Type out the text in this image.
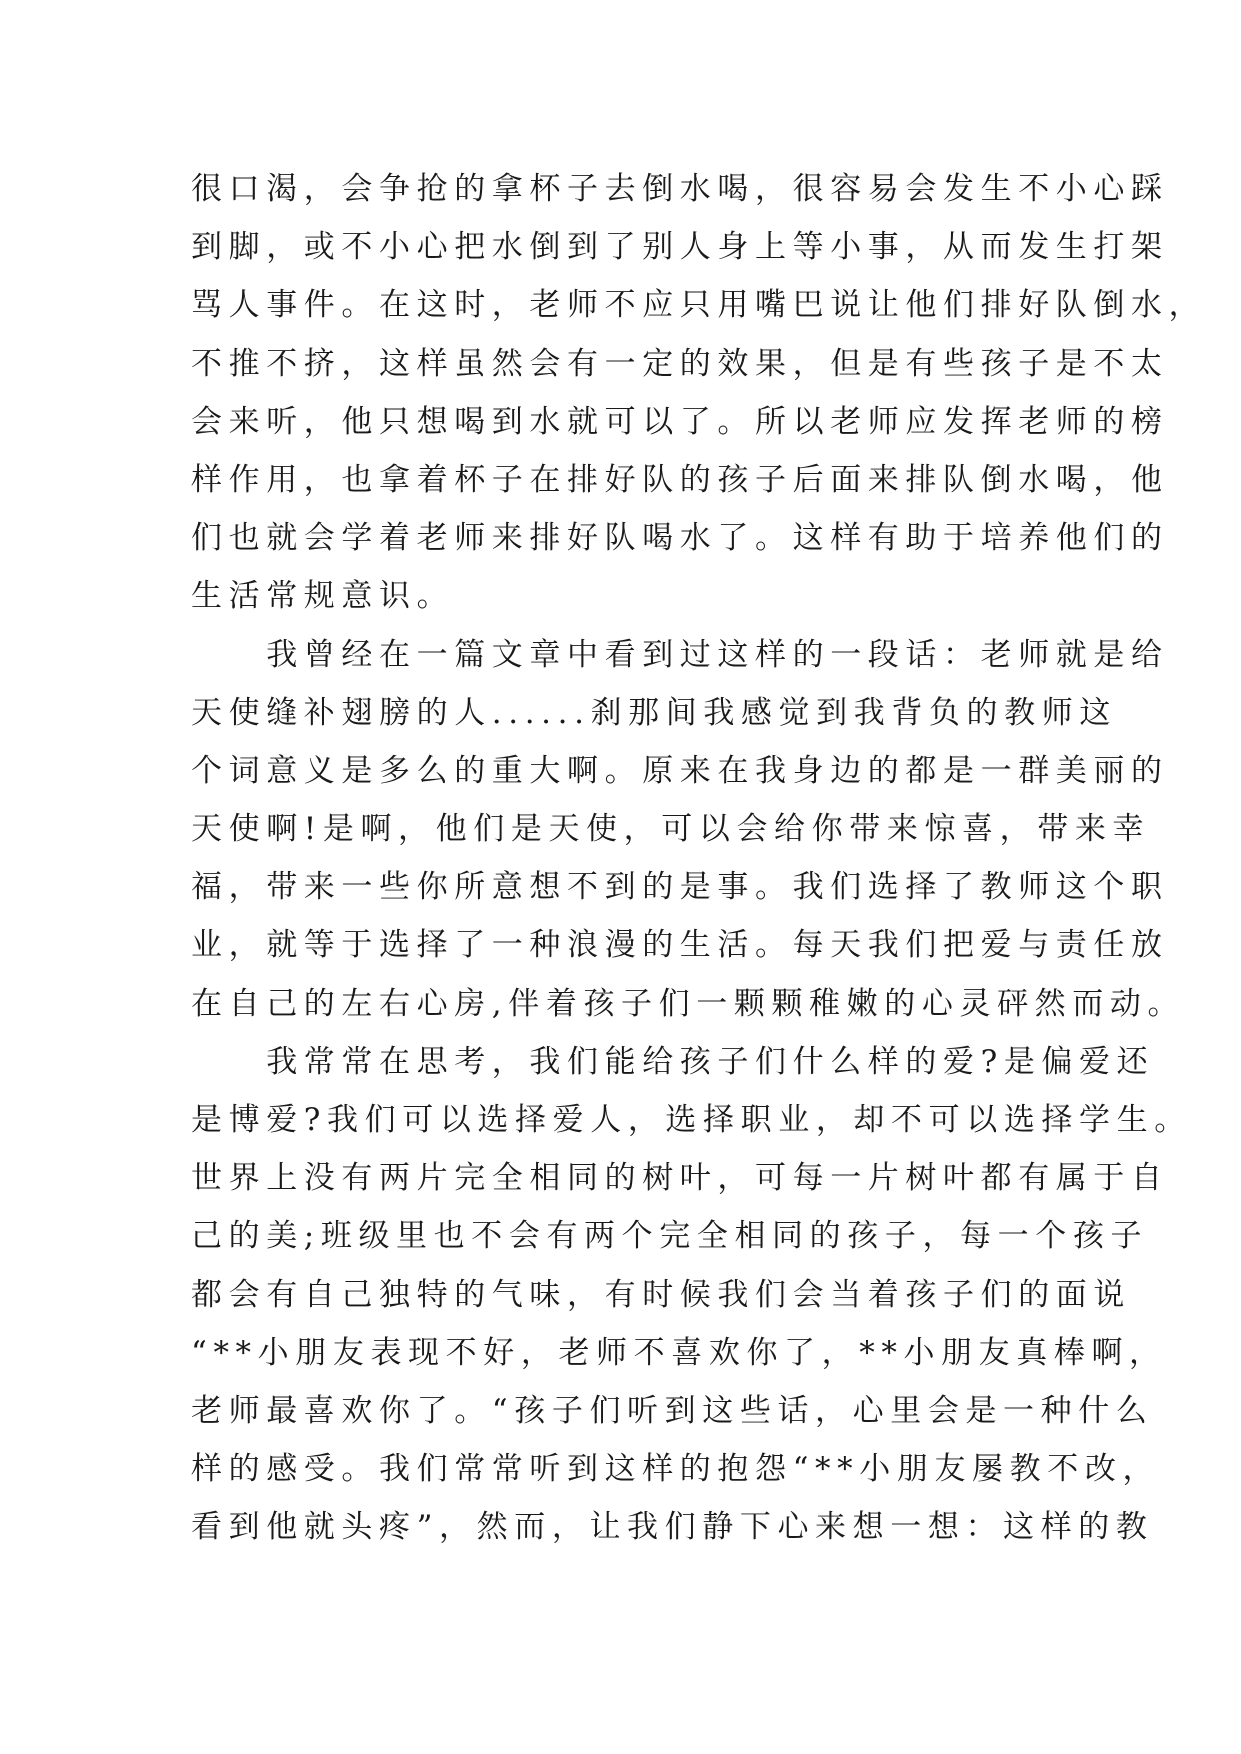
很口渴，会争抢的拿杯子去倒水喝，很容易会发生不小心踩
到脚，或不小心把水倒到了别人身上等小事，从而发生打架
骂人事件。在这时，老师不应只用嘴巴说让他们排好队倒水，
不推不挤，这样虽然会有一定的效果，但是有些孩子是不太
会来听，他只想喝到水就可以了。所以老师应发挥老师的榜
样作用，也拿着杯子在排好队的孩子后面来排队倒水喝，他
们也就会学着老师来排好队喝水了。这样有助于培养他们的
生活常规意识。
　　我曾经在一篇文章中看到过这样的一段话：老师就是给
天使缝补翅膀的人......刹那间我感觉到我背负的教师这
个词意义是多么的重大啊。原来在我身边的都是一群美丽的
天使啊!是啊，他们是天使，可以会给你带来惊喜，带来幸
福，带来一些你所意想不到的是事。我们选择了教师这个职
业，就等于选择了一种浪漫的生活。每天我们把爱与责任放
在自己的左右心房,伴着孩子们一颗颗稚嫩的心灵砰然而动。
　　我常常在思考，我们能给孩子们什么样的爱?是偏爱还
是博爱?我们可以选择爱人，选择职业，却不可以选择学生。
世界上没有两片完全相同的树叶，可每一片树叶都有属于自
己的美;班级里也不会有两个完全相同的孩子，每一个孩子
都会有自己独特的气味，有时候我们会当着孩子们的面说
“**小朋友表现不好，老师不喜欢你了，**小朋友真棒啊，
老师最喜欢你了。“孩子们听到这些话，心里会是一种什么
样的感受。我们常常听到这样的抱怨“**小朋友屡教不改，
看到他就头疼”，然而，让我们静下心来想一想：这样的教
